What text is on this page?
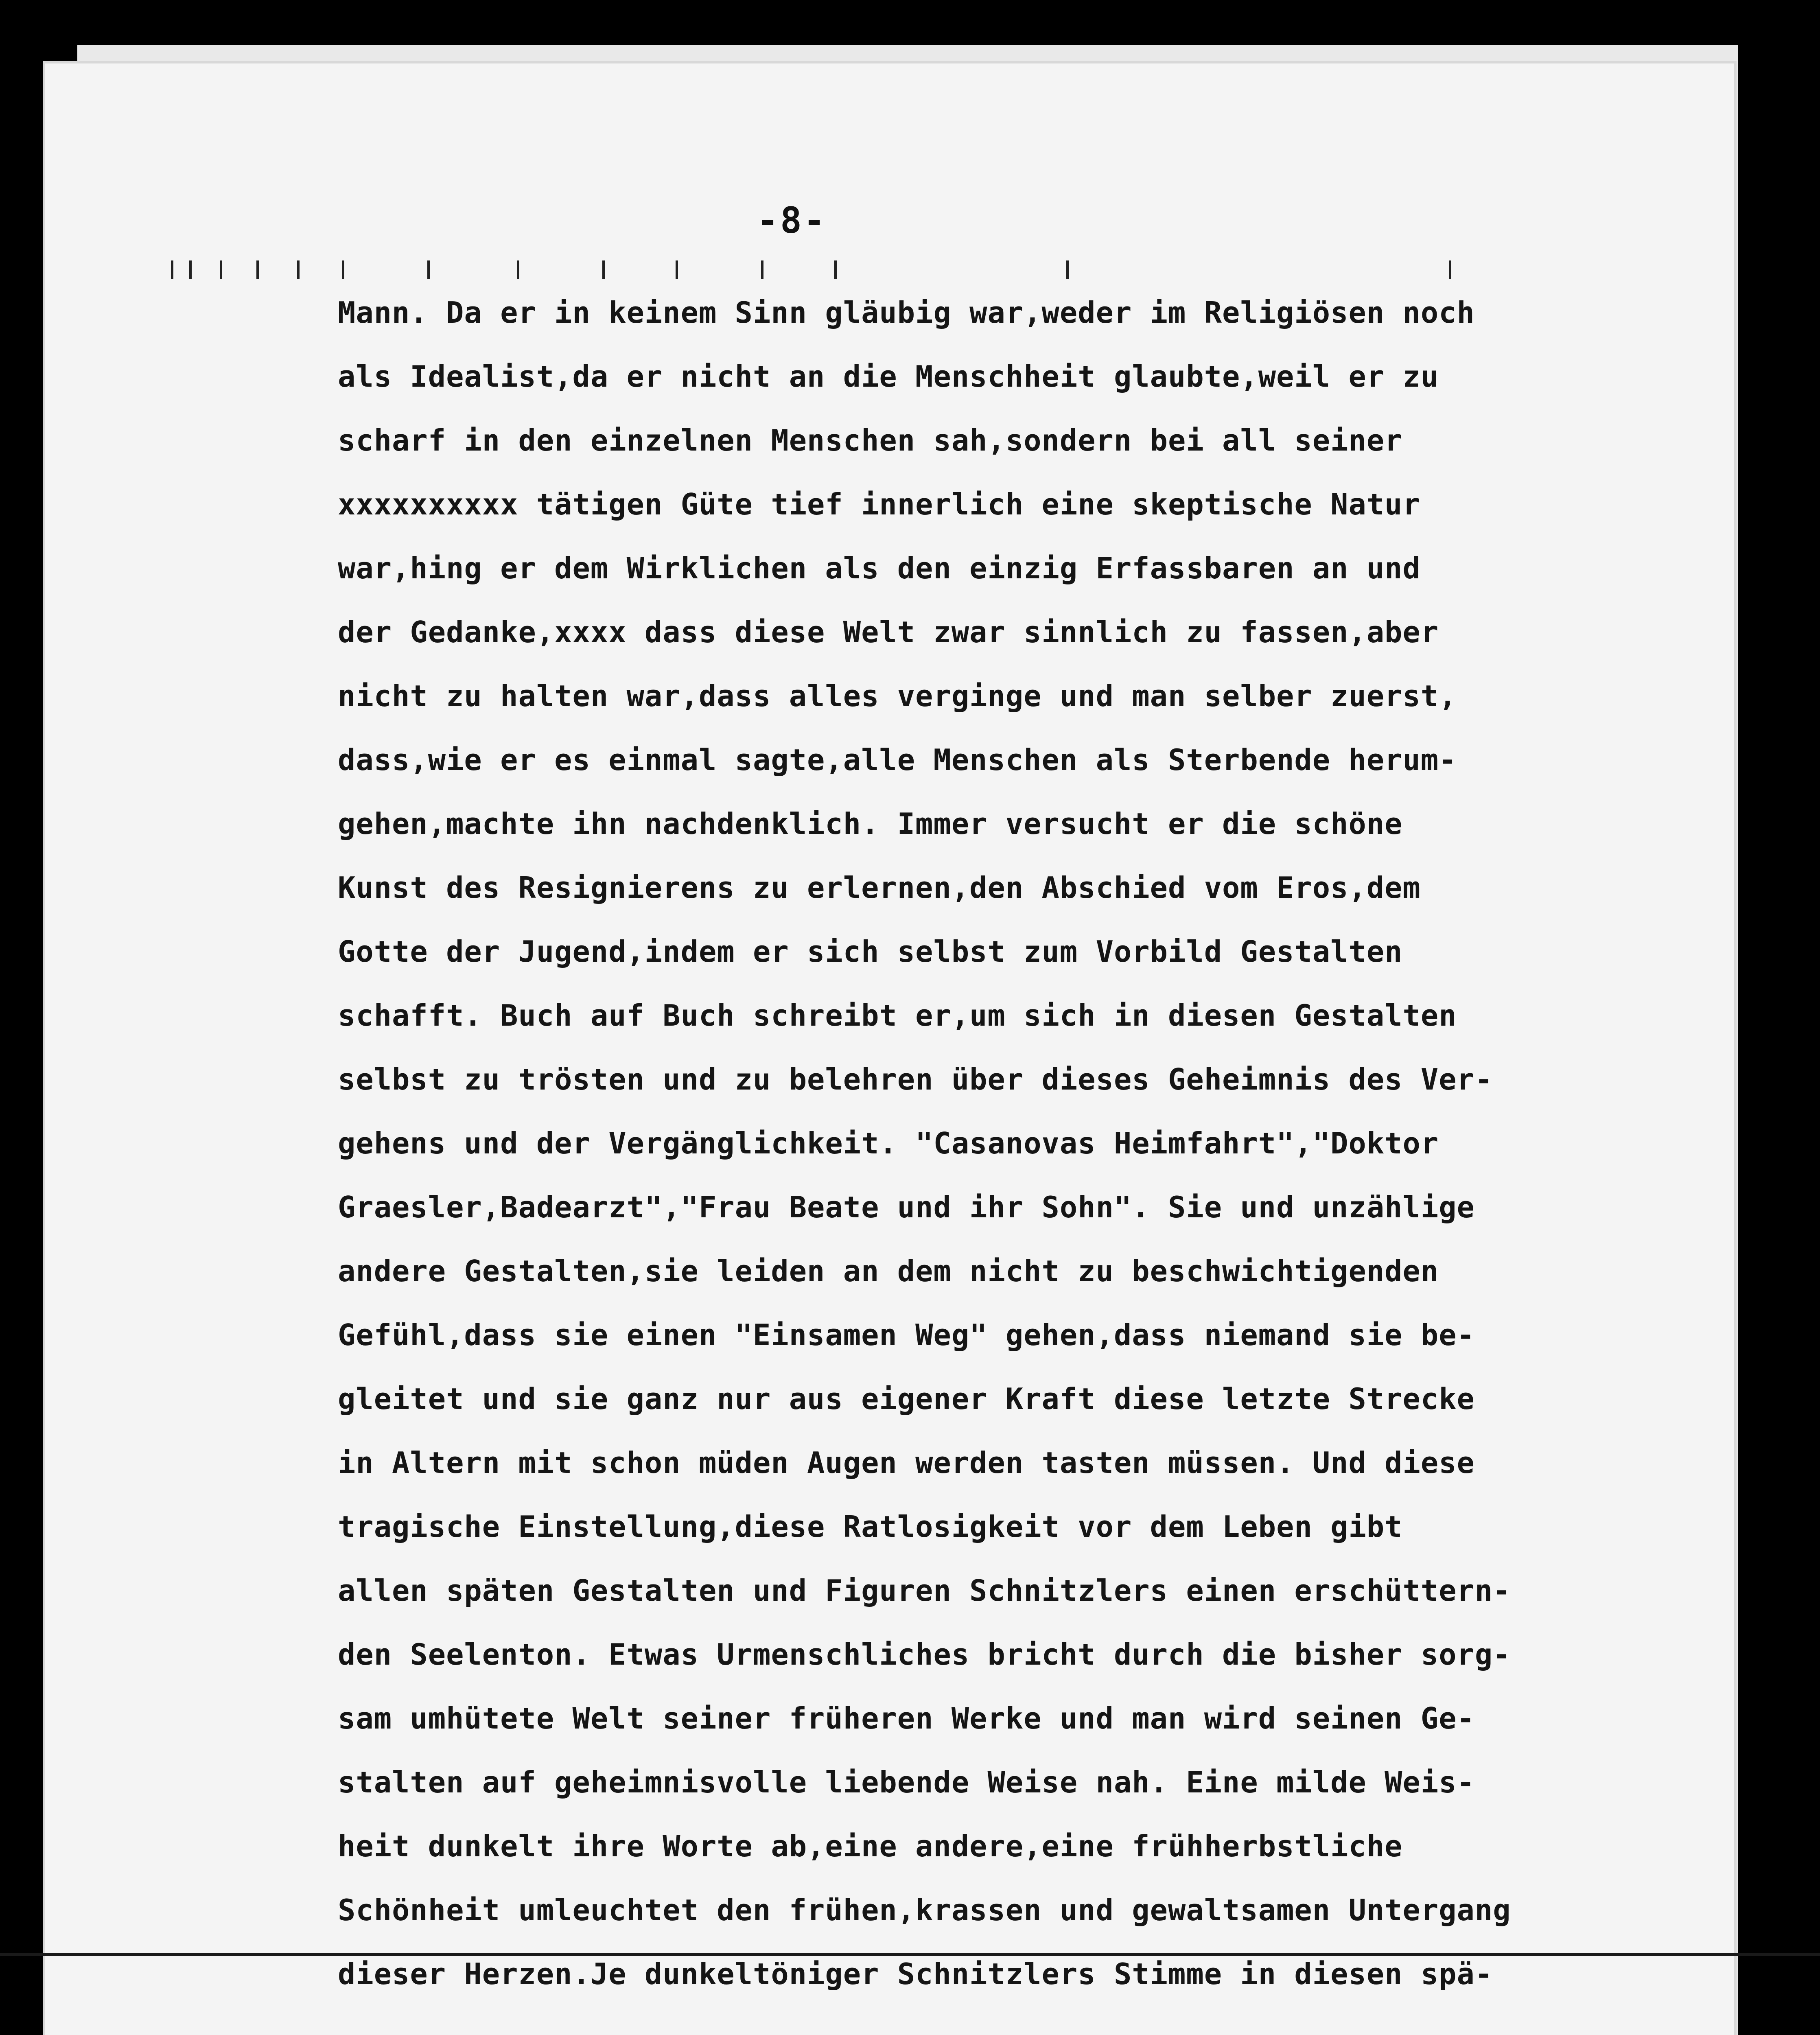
-8-
Mann. Da er in keinem Sinn gläubig war,weder im Religiösen noch
als Idealist,da er nicht an die Menschheit glaubte,weil er zu
scharf in den einzelnen Menschen sah,sondern bei all seiner
xxxxxxxxxx tätigen Güte tief innerlich eine skeptische Natur
war,hing er dem Wirklichen als den einzig Erfassbaren an und
der Gedanke,xxxx dass diese Welt zwar sinnlich zu fassen,aber
nicht zu halten war,dass alles verginge und man selber zuerst,
dass,wie er es einmal sagte,alle Menschen als Sterbende herum-
gehen,machte ihn nachdenklich. Immer versucht er die schöne
Kunst des Resignierens zu erlernen,den Abschied vom Eros,dem
Gotte der Jugend,indem er sich selbst zum Vorbild Gestalten
schafft. Buch auf Buch schreibt er,um sich in diesen Gestalten
selbst zu trösten und zu belehren über dieses Geheimnis des Ver-
gehens und der Vergänglichkeit. "Casanovas Heimfahrt","Doktor
Graesler,Badearzt","Frau Beate und ihr Sohn". Sie und unzählige
andere Gestalten,sie leiden an dem nicht zu beschwichtigenden
Gefühl,dass sie einen "Einsamen Weg" gehen,dass niemand sie be-
gleitet und sie ganz nur aus eigener Kraft diese letzte Strecke
in Altern mit schon müden Augen werden tasten müssen. Und diese
tragische Einstellung,diese Ratlosigkeit vor dem Leben gibt
allen späten Gestalten und Figuren Schnitzlers einen erschüttern-
den Seelenton. Etwas Urmenschliches bricht durch die bisher sorg-
sam umhütete Welt seiner früheren Werke und man wird seinen Ge-
stalten auf geheimnisvolle liebende Weise nah. Eine milde Weis-
heit dunkelt ihre Worte ab,eine andere,eine frühherbstliche
Schönheit umleuchtet den frühen,krassen und gewaltsamen Untergang
dieser Herzen.Je dunkeltöniger Schnitzlers Stimme in diesen spä-
